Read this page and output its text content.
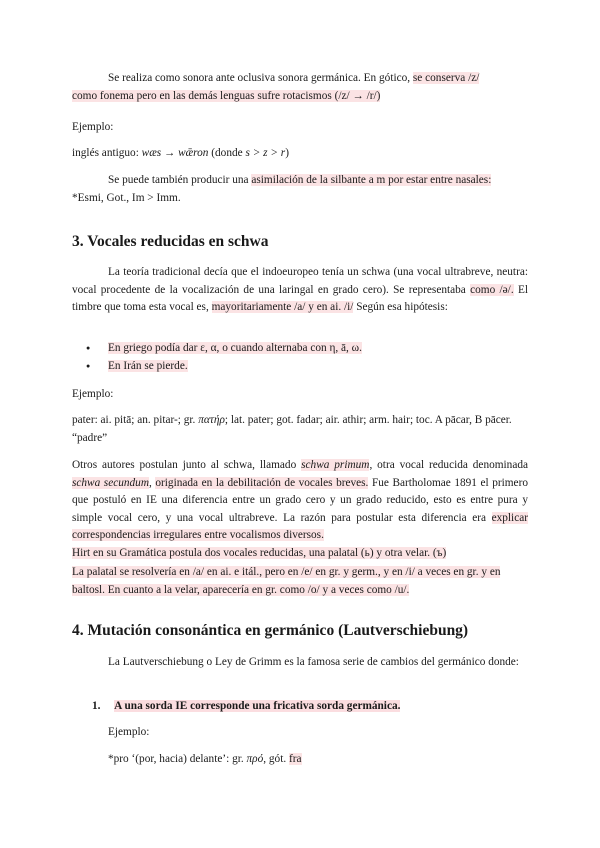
Se realiza como sonora ante oclusiva sonora germánica. En gótico, se conserva /z/
como fonema pero en las demás lenguas sufre rotacismos (/z/ → /r/)

Ejemplo:

inglés antiguo: wæs → wǣron (donde s > z > r)

Se puede también producir una asimilación de la silbante a m por estar entre nasales:
*Esmi, Got., Im > Imm.

3. Vocales reducidas en schwa

La teoría tradicional decía que el indoeuropeo tenía un schwa (una vocal ultrabreve, neutra: vocal procedente de la vocalización de una laringal en grado cero). Se representaba como /ə/. El timbre que toma esta vocal es, mayoritariamente /a/ y en ai. /i/ Según esa hipótesis:

● En griego podía dar ε, α, o cuando alternaba con η, ā, ω.
● En Irán se pierde.

Ejemplo:

pater: ai. pitā; an. pitar-; gr. πατήρ; lat. pater; got. fadar; air. athir; arm. hair; toc. A pācar, B pācer. “padre”

Otros autores postulan junto al schwa, llamado schwa primum, otra vocal reducida denominada schwa secundum, originada en la debilitación de vocales breves. Fue Bartholomae 1891 el primero que postuló en IE una diferencia entre un grado cero y un grado reducido, esto es entre pura y simple vocal cero, y una vocal ultrabreve. La razón para postular esta diferencia era explicar correspondencias irregulares entre vocalismos diversos.
Hirt en su Gramática postula dos vocales reducidas, una palatal (ь) y otra velar. (ъ)

La palatal se resolvería en /a/ en ai. e itál., pero en /e/ en gr. y germ., y en /i/ a veces en gr. y en baltosl. En cuanto a la velar, aparecería en gr. como /o/ y a veces como /u/.

4. Mutación consonántica en germánico (Lautverschiebung)

La Lautverschiebung o Ley de Grimm es la famosa serie de cambios del germánico donde:

1. A una sorda IE corresponde una fricativa sorda germánica.

Ejemplo:

*pro ‘(por, hacia) delante’: gr. πρό, gót. fra
